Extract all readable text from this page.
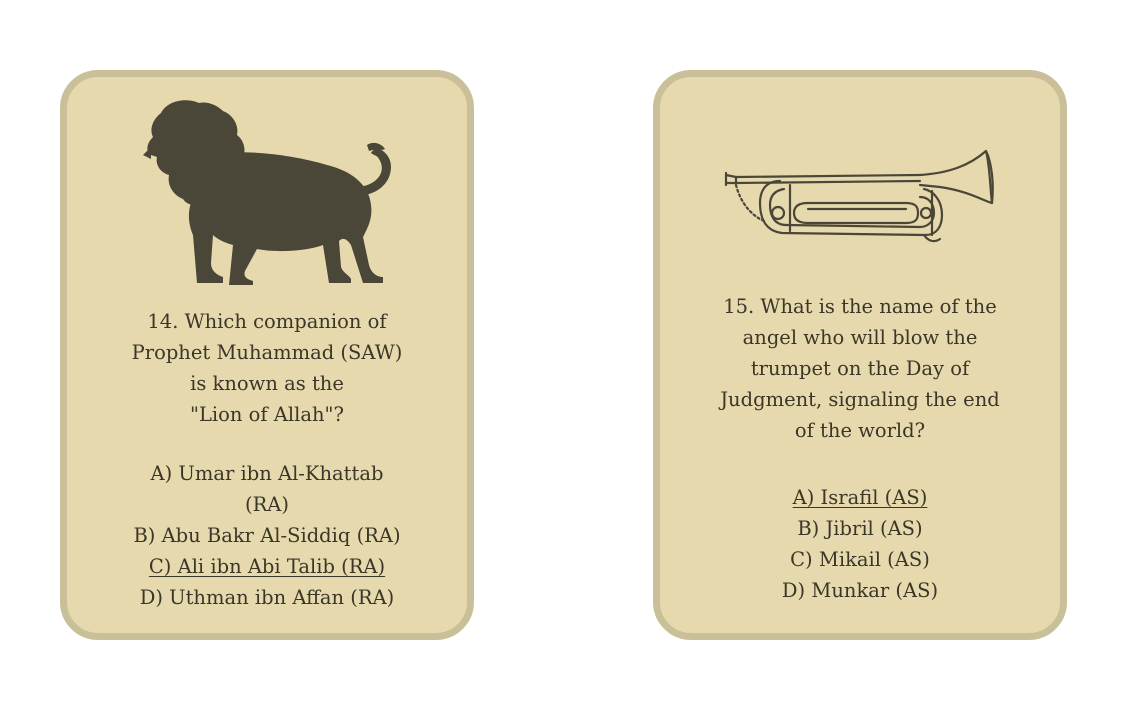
14. Which companion of
Prophet Muhammad (SAW)
is known as the
"Lion of Allah"?
A) Umar ibn Al-Khattab
(RA)
B) Abu Bakr Al-Siddiq (RA)
C) Ali ibn Abi Talib (RA)
D) Uthman ibn Affan (RA)
15. What is the name of the
angel who will blow the
trumpet on the Day of
Judgment, signaling the end
of the world?
A) Israfil (AS)
B) Jibril (AS)
C) Mikail (AS)
D) Munkar (AS)
